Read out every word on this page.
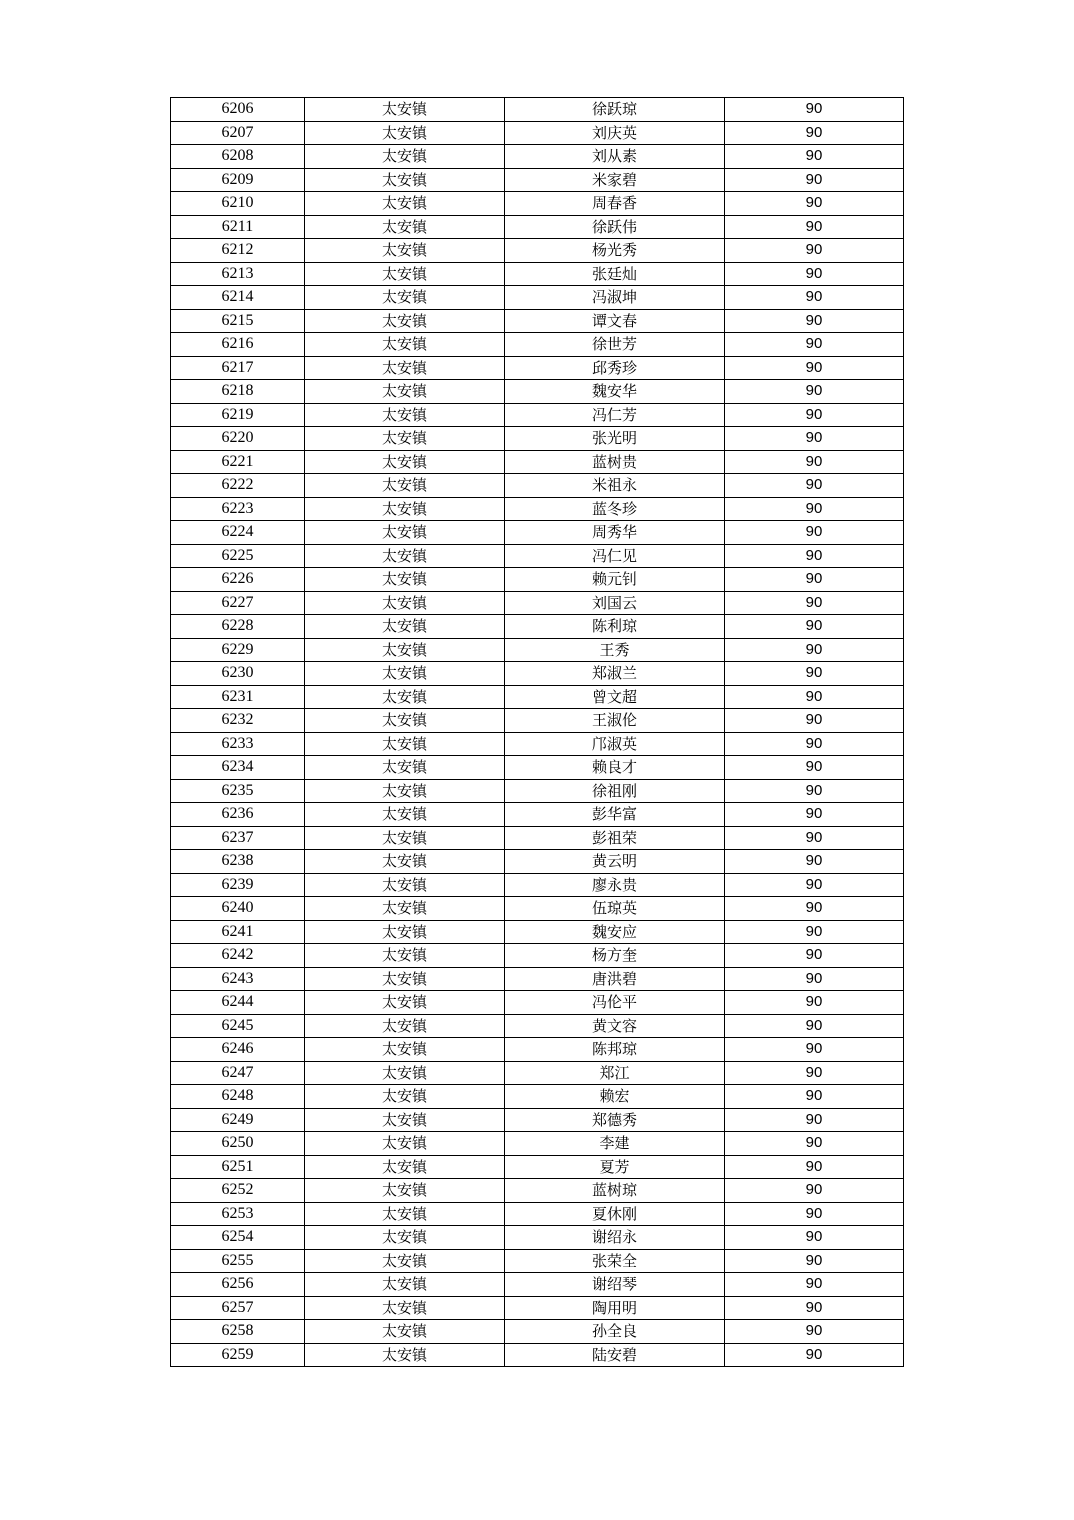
6206	太安镇	徐跃琼	90
6207	太安镇	刘庆英	90
6208	太安镇	刘从素	90
6209	太安镇	米家碧	90
6210	太安镇	周春香	90
6211	太安镇	徐跃伟	90
6212	太安镇	杨光秀	90
6213	太安镇	张廷灿	90
6214	太安镇	冯淑坤	90
6215	太安镇	谭文春	90
6216	太安镇	徐世芳	90
6217	太安镇	邱秀珍	90
6218	太安镇	魏安华	90
6219	太安镇	冯仁芳	90
6220	太安镇	张光明	90
6221	太安镇	蓝树贵	90
6222	太安镇	米祖永	90
6223	太安镇	蓝冬珍	90
6224	太安镇	周秀华	90
6225	太安镇	冯仁见	90
6226	太安镇	赖元钊	90
6227	太安镇	刘国云	90
6228	太安镇	陈利琼	90
6229	太安镇	王秀	90
6230	太安镇	郑淑兰	90
6231	太安镇	曾文超	90
6232	太安镇	王淑伦	90
6233	太安镇	邝淑英	90
6234	太安镇	赖良才	90
6235	太安镇	徐祖刚	90
6236	太安镇	彭华富	90
6237	太安镇	彭祖荣	90
6238	太安镇	黄云明	90
6239	太安镇	廖永贵	90
6240	太安镇	伍琼英	90
6241	太安镇	魏安应	90
6242	太安镇	杨方奎	90
6243	太安镇	唐洪碧	90
6244	太安镇	冯伦平	90
6245	太安镇	黄文容	90
6246	太安镇	陈邦琼	90
6247	太安镇	郑江	90
6248	太安镇	赖宏	90
6249	太安镇	郑德秀	90
6250	太安镇	李建	90
6251	太安镇	夏芳	90
6252	太安镇	蓝树琼	90
6253	太安镇	夏休刚	90
6254	太安镇	谢绍永	90
6255	太安镇	张荣全	90
6256	太安镇	谢绍琴	90
6257	太安镇	陶用明	90
6258	太安镇	孙全良	90
6259	太安镇	陆安碧	90
